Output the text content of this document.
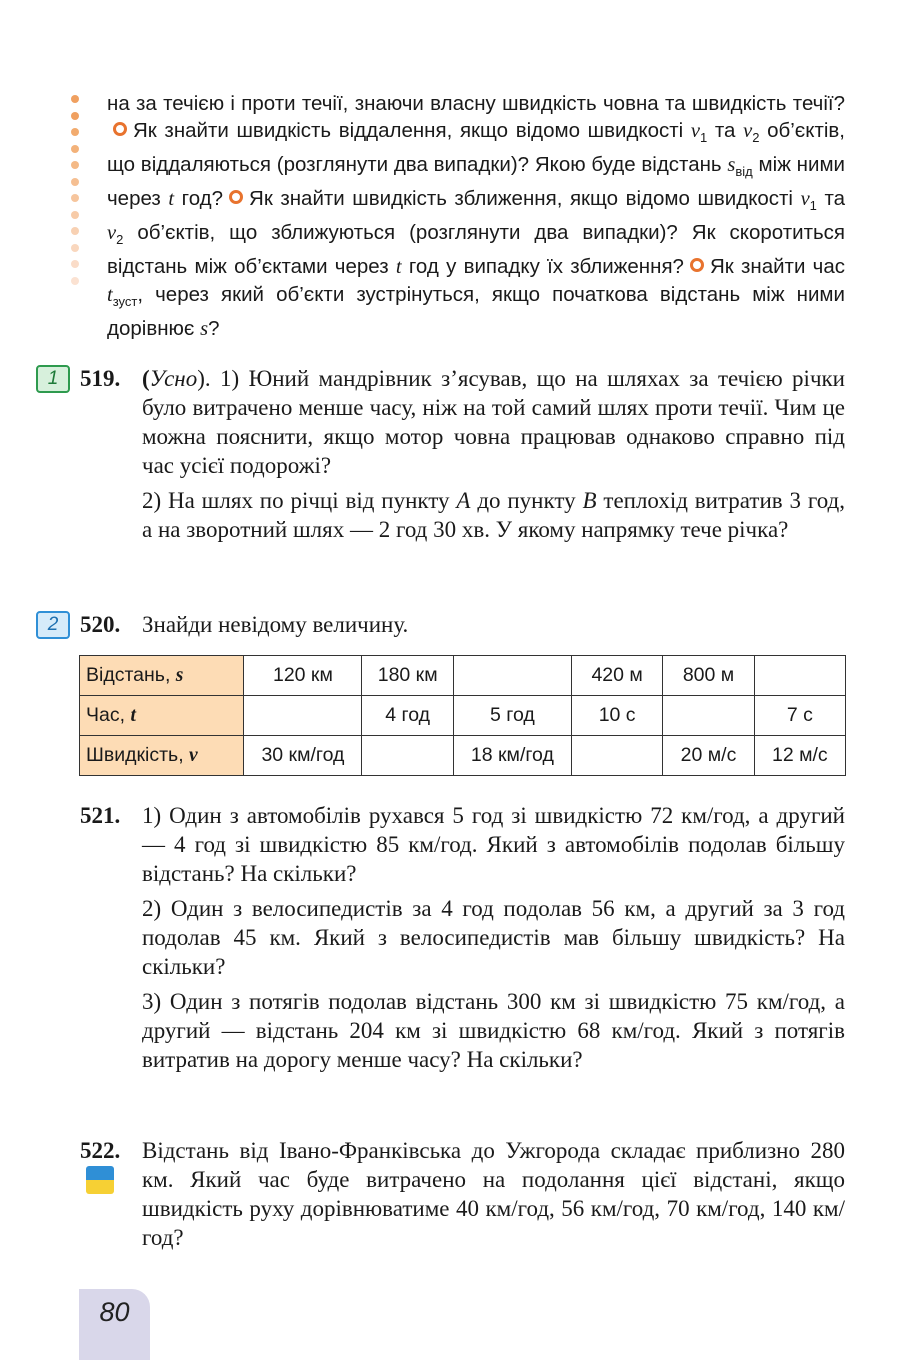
на за течією і проти течії, знаючи власну швидкість човна та швидкість течії?Як знайти швидкість віддалення, якщо відомо швидкості $v_1$ та $v_2$ об’єктів, що віддаляються (розглянути два випадки)? Якою буде відстань $s_{від}$ між ними через t год? Як знайти швидкість зближення, якщо відомо швидкості $v_1$ та $v_2$ об’єктів, що зближуються (розглянути два випадки)? Як скоротиться відстань між об’єктами через t год у випадку їх зближення? Як знайти час $t_{зуст}$, через який об’єкти зустрінуться, якщо початкова відстань між ними дорівнює s?
1 519. (Усно). 1) Юний мандрівник з’ясував, що на шляхах за течією річки було витрачено менше часу, ніж на той самий шлях проти течії. Чим це можна пояснити, якщо мотор човна працював однаково справно під час усієї подорожі?

2) На шлях по річці від пункту A до пункту B теплохід витратив 3 год, а на зворотний шлях — 2 год 30 хв. У якому напрямку тече річка?

2 520. Знайди невідому величину.
Відстань, s	120 км	180 км		420 м	800 м	
Час, t		4 год	5 год	10 с		7 с
Швидкість, v	30 км/год		18 км/год		20 м/с	12 м/с
521. 1) Один з автомобілів рухався 5 год зі швидкістю 72 км/год, а другий — 4 год зі швидкістю 85 км/год. Який з автомобілів подолав більшу відстань? На скільки?

2) Один з велосипедистів за 4 год подолав 56 км, а другий за 3 год подолав 45 км. Який з велосипедистів мав більшу швидкість? На скільки?

3) Один з потягів подолав відстань 300 км зі швидкістю 75 км/год, а другий — відстань 204 км зі швидкістю 68 км/год. Який з потягів витратив на дорогу менше часу? На скільки?

522. Відстань від Івано-Франківська до Ужгорода складає приблизно 280 км. Який час буде витрачено на подолання цієї відстані, якщо швидкість руху дорівнюватиме 40 км/год, 56 км/год, 70 км/год, 140 км/год?

80
